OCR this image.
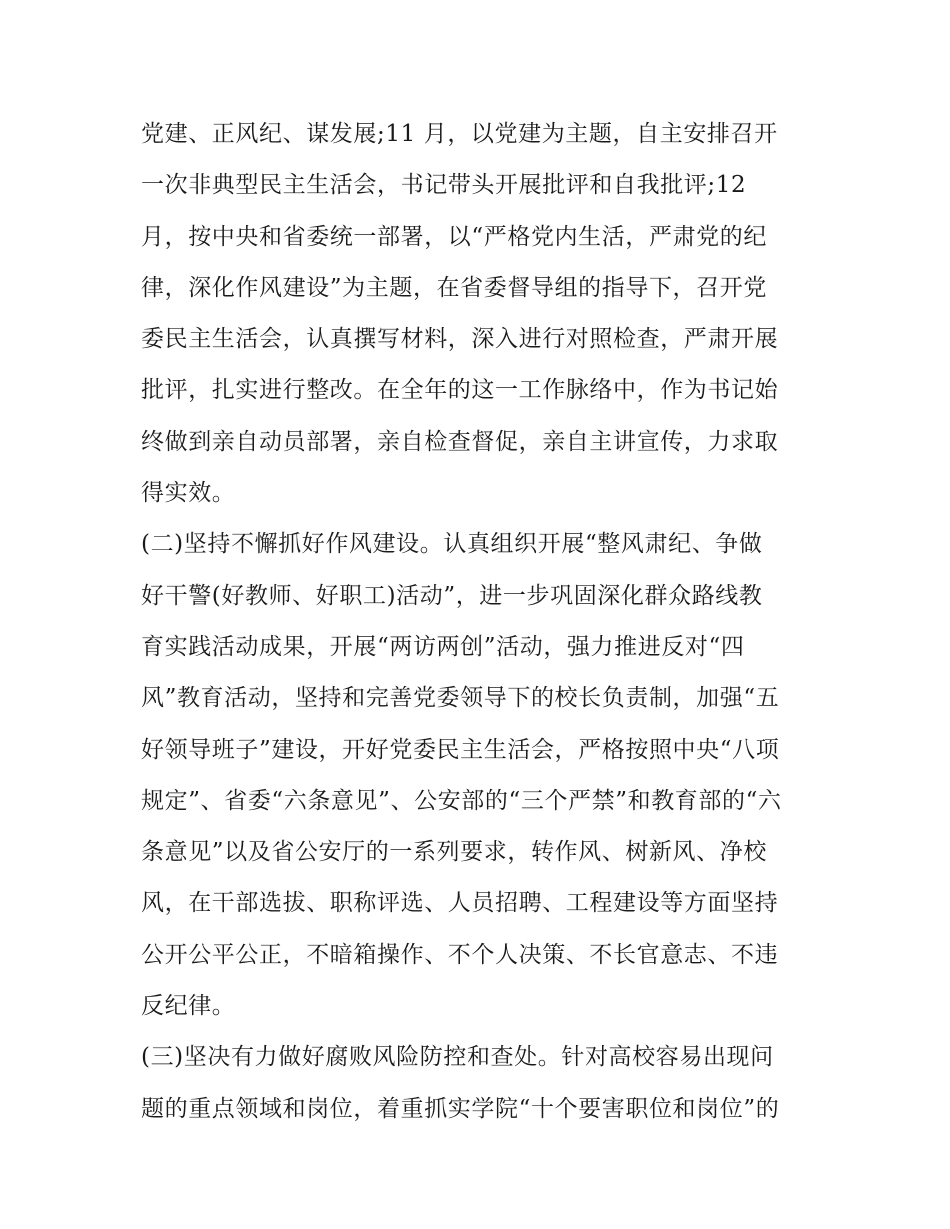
党建、正风纪、谋发展;11 月，以党建为主题，自主安排召开
一次非典型民主生活会，书记带头开展批评和自我批评;12
月，按中央和省委统一部署，以“严格党内生活，严肃党的纪
律，深化作风建设”为主题，在省委督导组的指导下，召开党
委民主生活会，认真撰写材料，深入进行对照检查，严肃开展
批评，扎实进行整改。在全年的这一工作脉络中，作为书记始
终做到亲自动员部署，亲自检查督促，亲自主讲宣传，力求取
得实效。
(二)坚持不懈抓好作风建设。认真组织开展“整风肃纪、争做
好干警(好教师、好职工)活动”，进一步巩固深化群众路线教
育实践活动成果，开展“两访两创”活动，强力推进反对“四
风”教育活动，坚持和完善党委领导下的校长负责制，加强“五
好领导班子”建设，开好党委民主生活会，严格按照中央“八项
规定”、省委“六条意见”、公安部的“三个严禁”和教育部的“六
条意见”以及省公安厅的一系列要求，转作风、树新风、净校
风，在干部选拔、职称评选、人员招聘、工程建设等方面坚持
公开公平公正，不暗箱操作、不个人决策、不长官意志、不违
反纪律。
(三)坚决有力做好腐败风险防控和查处。针对高校容易出现问
题的重点领域和岗位，着重抓实学院“十个要害职位和岗位”的
